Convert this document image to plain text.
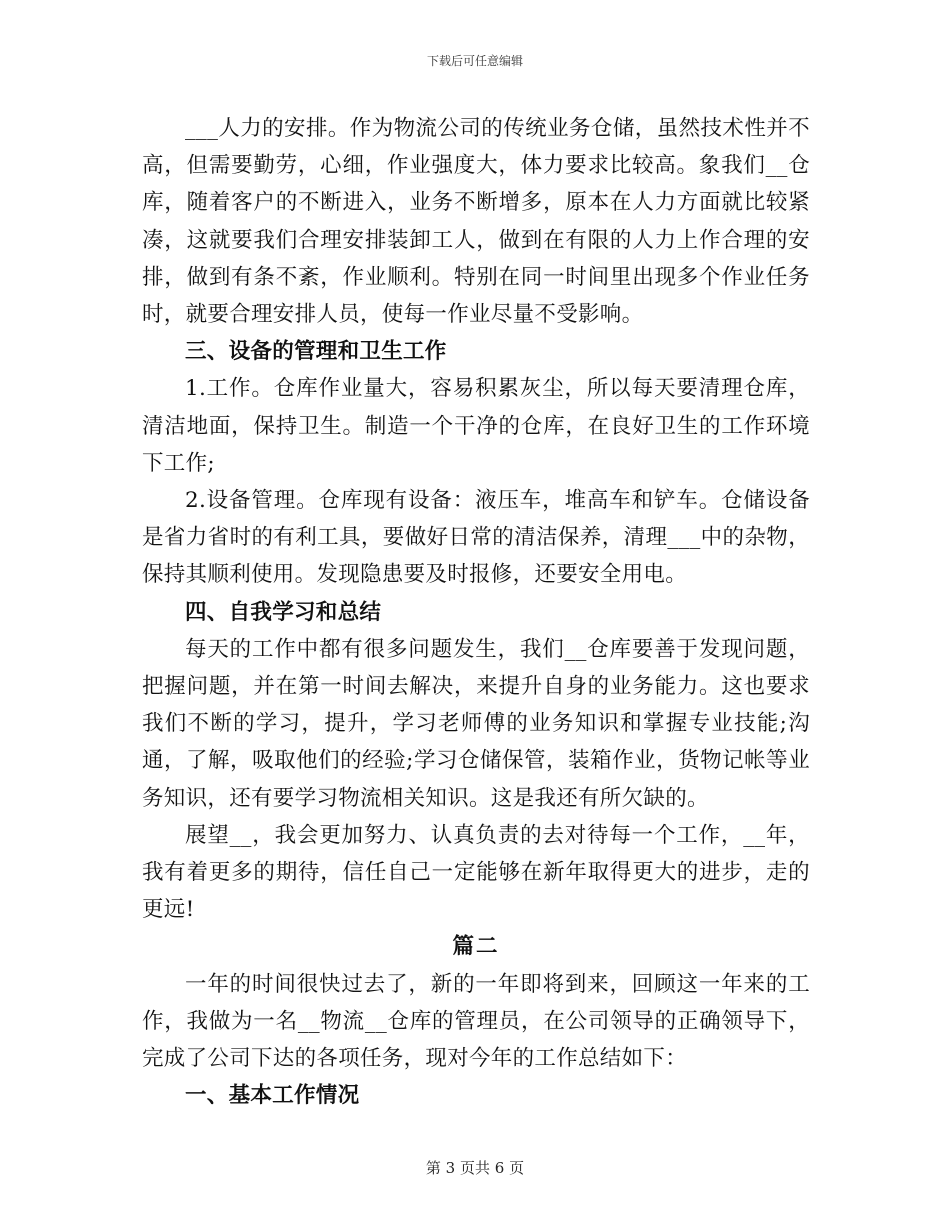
下载后可任意编辑

___人力的安排。作为物流公司的传统业务仓储，虽然技术性并不高，但需要勤劳，心细，作业强度大，体力要求比较高。象我们__仓库，随着客户的不断进入，业务不断增多，原本在人力方面就比较紧凑，这就要我们合理安排装卸工人，做到在有限的人力上作合理的安排，做到有条不紊，作业顺利。特别在同一时间里出现多个作业任务时，就要合理安排人员，使每一作业尽量不受影响。

三、设备的管理和卫生工作

1.工作。仓库作业量大，容易积累灰尘，所以每天要清理仓库，清洁地面，保持卫生。制造一个干净的仓库，在良好卫生的工作环境下工作;

2.设备管理。仓库现有设备：液压车，堆高车和铲车。仓储设备是省力省时的有利工具，要做好日常的清洁保养，清理___中的杂物，保持其顺利使用。发现隐患要及时报修，还要安全用电。

四、自我学习和总结

每天的工作中都有很多问题发生，我们__仓库要善于发现问题，把握问题，并在第一时间去解决，来提升自身的业务能力。这也要求我们不断的学习，提升，学习老师傅的业务知识和掌握专业技能;沟通，了解，吸取他们的经验;学习仓储保管，装箱作业，货物记帐等业务知识，还有要学习物流相关知识。这是我还有所欠缺的。

展望__，我会更加努力、认真负责的去对待每一个工作，__年，我有着更多的期待，信任自己一定能够在新年取得更大的进步，走的更远!

篇二

一年的时间很快过去了，新的一年即将到来，回顾这一年来的工作，我做为一名__物流__仓库的管理员，在公司领导的正确领导下，完成了公司下达的各项任务，现对今年的工作总结如下：

一、基本工作情况

第 3 页共 6 页
